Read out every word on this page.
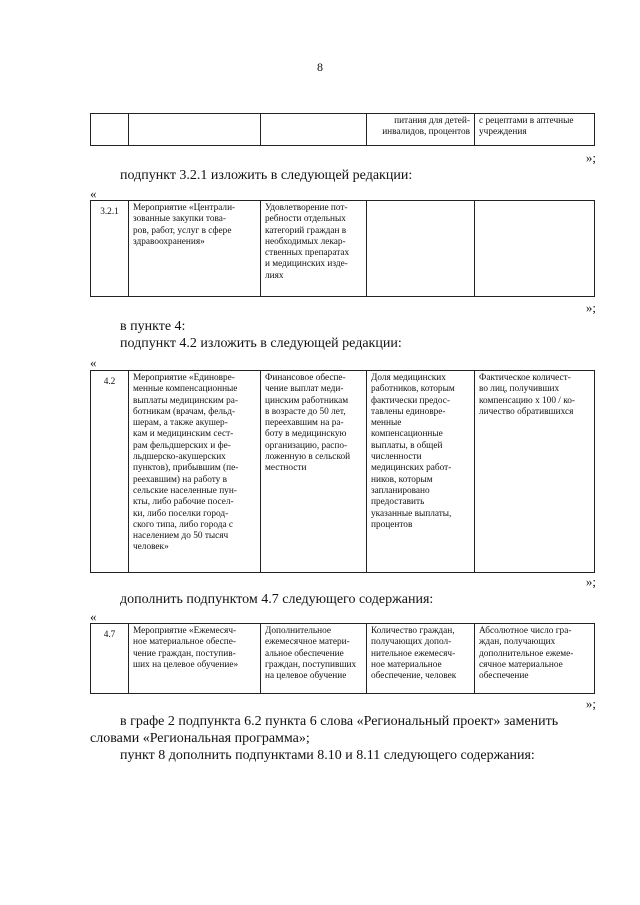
8
			питания для детей-
инвалидов, процентов	с рецептами в аптечные
учреждения
»;
подпункт 3.2.1 изложить в следующей редакции:
«
3.2.1	Мероприятие «Централи-
зованные закупки това-
ров, работ, услуг в сфере
здравоохранения»	Удовлетворение пот-
ребности отдельных
категорий граждан в
необходимых лекар-
ственных препаратах
и медицинских изде-
лиях		
»;
в пункте 4:
подпункт 4.2 изложить в следующей редакции:
«
4.2	Мероприятие «Единовре-
менные компенсационные
выплаты медицинским ра-
ботникам (врачам, фельд-
шерам, а также акушер-
кам и медицинским сест-
рам фельдшерских и фе-
льдшерско-акушерских
пунктов), прибывшим (пе-
реехавшим) на работу в
сельские населенные пун-
кты, либо рабочие посел-
ки, либо поселки город-
ского типа, либо города с
населением до 50 тысяч
человек»	Финансовое обеспе-
чение выплат меди-
цинским работникам
в возрасте до 50 лет,
переехавшим на ра-
боту в медицинскую
организацию, распо-
ложенную в сельской
местности	Доля медицинских
работников, которым
фактически предос-
тавлены единовре-
менные
компенсационные
выплаты, в общей
численности
медицинских работ-
ников, которым
запланировано
предоставить
указанные выплаты,
процентов	Фактическое количест-
во лиц, получивших
компенсацию х 100 / ко-
личество обратившихся
»;
дополнить подпунктом 4.7 следующего содержания:
«
4.7	Мероприятие «Ежемесяч-
ное материальное обеспе-
чение граждан, поступив-
ших на целевое обучение»	Дополнительное
ежемесячное матери-
альное обеспечение
граждан, поступивших
на целевое обучение	Количество граждан,
получающих допол-
нительное ежемесяч-
ное материальное
обеспечение, человек	Абсолютное число гра-
ждан, получающих
дополнительное ежеме-
сячное материальное
обеспечение
»;
в графе 2 подпункта 6.2 пункта 6 слова «Региональный проект» заменить
словами «Региональная программа»;
пункт 8 дополнить подпунктами 8.10 и 8.11 следующего содержания:
